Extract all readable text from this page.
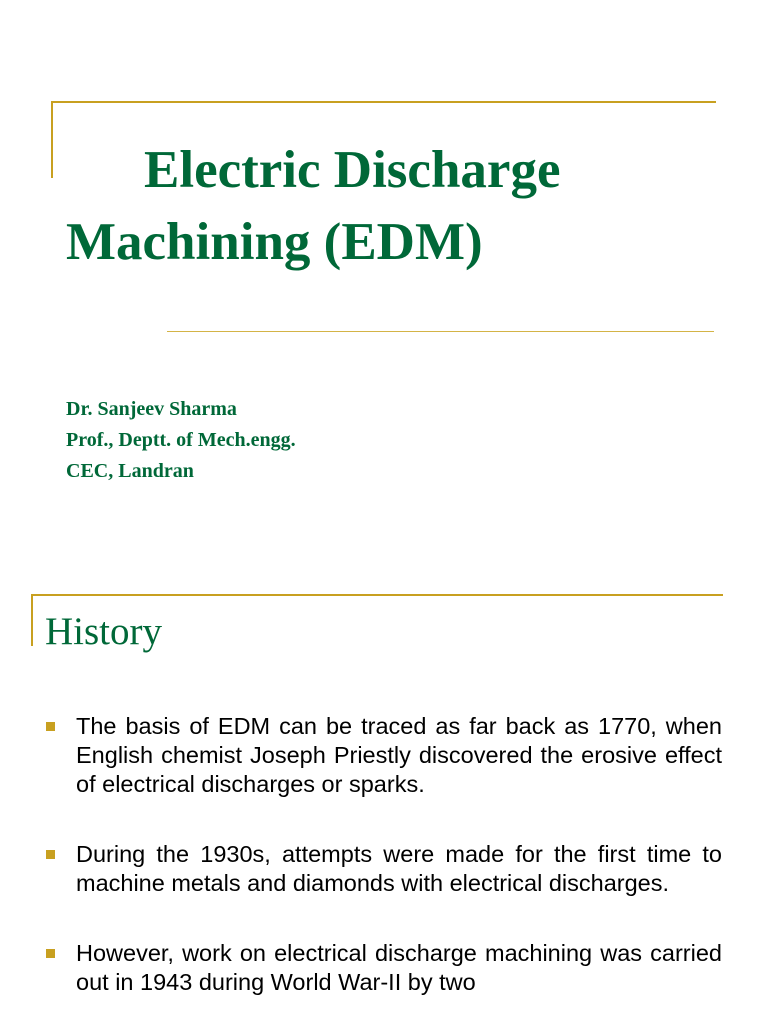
Electric Discharge
Machining (EDM)
Dr. Sanjeev Sharma
Prof., Deptt. of Mech.engg.
CEC, Landran
History
The basis of EDM can be traced as far back as 1770, when English chemist Joseph Priestly discovered the erosive effect of electrical discharges or sparks.
During the 1930s, attempts were made for the first time to machine metals and diamonds with electrical discharges.
However, work on electrical discharge machining was carried out in 1943 during World War-II by two
